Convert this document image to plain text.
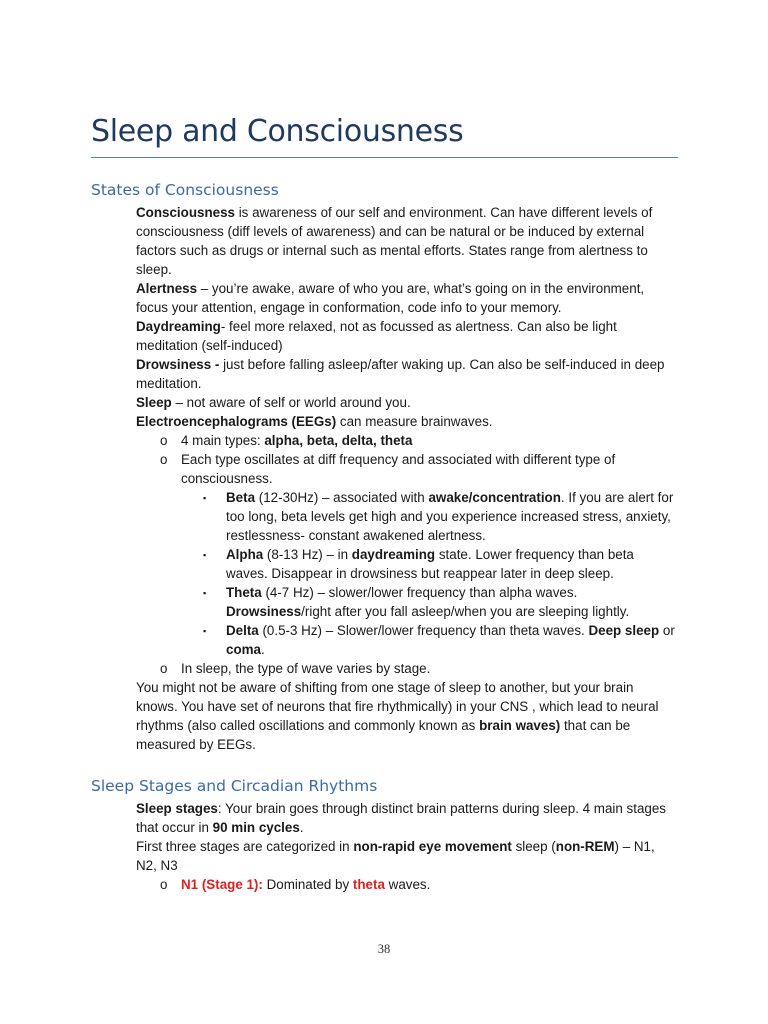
Sleep and Consciousness
States of Consciousness

Consciousness is awareness of our self and environment. Can have different levels of consciousness (diff levels of awareness) and can be natural or be induced by external factors such as drugs or internal such as mental efforts. States range from alertness to sleep.

Alertness – you’re awake, aware of who you are, what’s going on in the environment, focus your attention, engage in conformation, code info to your memory.

Daydreaming- feel more relaxed, not as focussed as alertness. Can also be light meditation (self-induced)

Drowsiness - just before falling asleep/after waking up. Can also be self-induced in deep meditation.

Sleep – not aware of self or world around you.

Electroencephalograms (EEGs) can measure brainwaves.

o 4 main types: alpha, beta, delta, theta

o Each type oscillates at diff frequency and associated with different type of consciousness.

▪ Beta (12-30Hz) – associated with awake/concentration. If you are alert for too long, beta levels get high and you experience increased stress, anxiety, restlessness- constant awakened alertness.

▪ Alpha (8-13 Hz) – in daydreaming state. Lower frequency than beta waves. Disappear in drowsiness but reappear later in deep sleep.

▪ Theta (4-7 Hz) – slower/lower frequency than alpha waves. Drowsiness/right after you fall asleep/when you are sleeping lightly.

▪ Delta (0.5-3 Hz) – Slower/lower frequency than theta waves. Deep sleep or coma.

o In sleep, the type of wave varies by stage.

You might not be aware of shifting from one stage of sleep to another, but your brain knows. You have set of neurons that fire rhythmically) in your CNS , which lead to neural rhythms (also called oscillations and commonly known as brain waves) that can be measured by EEGs.

Sleep Stages and Circadian Rhythms

Sleep stages: Your brain goes through distinct brain patterns during sleep. 4 main stages that occur in 90 min cycles.

First three stages are categorized in non-rapid eye movement sleep (non-REM) – N1, N2, N3

o N1 (Stage 1): Dominated by theta waves.

38
